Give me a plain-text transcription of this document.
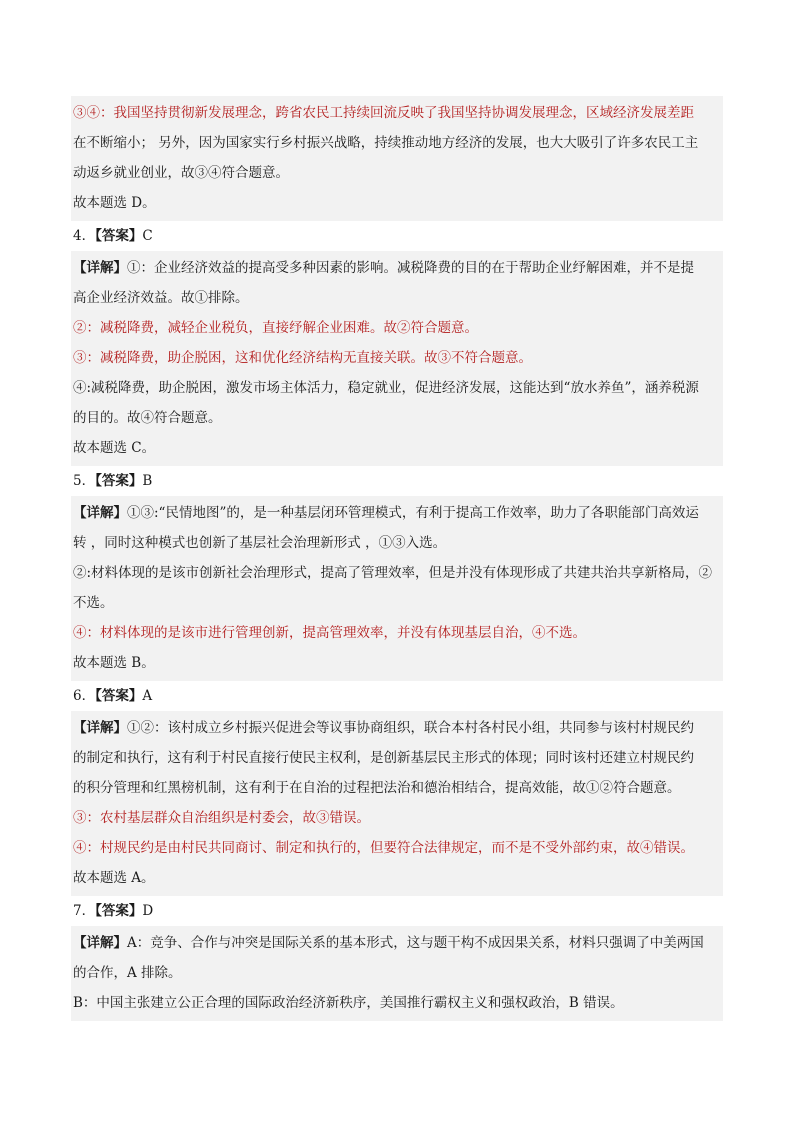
③④：我国坚持贯彻新发展理念，跨省农民工持续回流反映了我国坚持协调发展理念，区域经济发展差距
在不断缩小； 另外，因为国家实行乡村振兴战略，持续推动地方经济的发展，也大大吸引了许多农民工主
动返乡就业创业，故③④符合题意。
故本题选 D。
4．【答案】C
【详解】①：企业经济效益的提高受多种因素的影响。减税降费的目的在于帮助企业纾解困难，并不是提
高企业经济效益。故①排除。
②：减税降费，减轻企业税负，直接纾解企业困难。故②符合题意。
③：减税降费，助企脱困，这和优化经济结构无直接关联。故③不符合题意。
④:减税降费，助企脱困，激发市场主体活力，稳定就业，促进经济发展，这能达到“放水养鱼”，涵养税源
的目的。故④符合题意。
故本题选 C。
5．【答案】B
【详解】①③:“民情地图”的，是一种基层闭环管理模式，有利于提高工作效率，助力了各职能部门高效运
转 ，同时这种模式也创新了基层社会治理新形式 ，①③入选。
②:材料体现的是该市创新社会治理形式，提高了管理效率，但是并没有体现形成了共建共治共享新格局，②
不选。
④：材料体现的是该市进行管理创新，提高管理效率，并没有体现基层自治，④不选。
故本题选 B。
6．【答案】A
【详解】①②：该村成立乡村振兴促进会等议事协商组织，联合本村各村民小组，共同参与该村村规民约
的制定和执行，这有利于村民直接行使民主权利，是创新基层民主形式的体现；同时该村还建立村规民约
的积分管理和红黑榜机制，这有利于在自治的过程把法治和德治相结合，提高效能，故①②符合题意。
③：农村基层群众自治组织是村委会，故③错误。
④：村规民约是由村民共同商讨、制定和执行的，但要符合法律规定，而不是不受外部约束，故④错误。
故本题选 A。
7．【答案】D
【详解】A：竞争、合作与冲突是国际关系的基本形式，这与题干构不成因果关系，材料只强调了中美两国
的合作，A 排除。
B：中国主张建立公正合理的国际政治经济新秩序，美国推行霸权主义和强权政治，B 错误。
